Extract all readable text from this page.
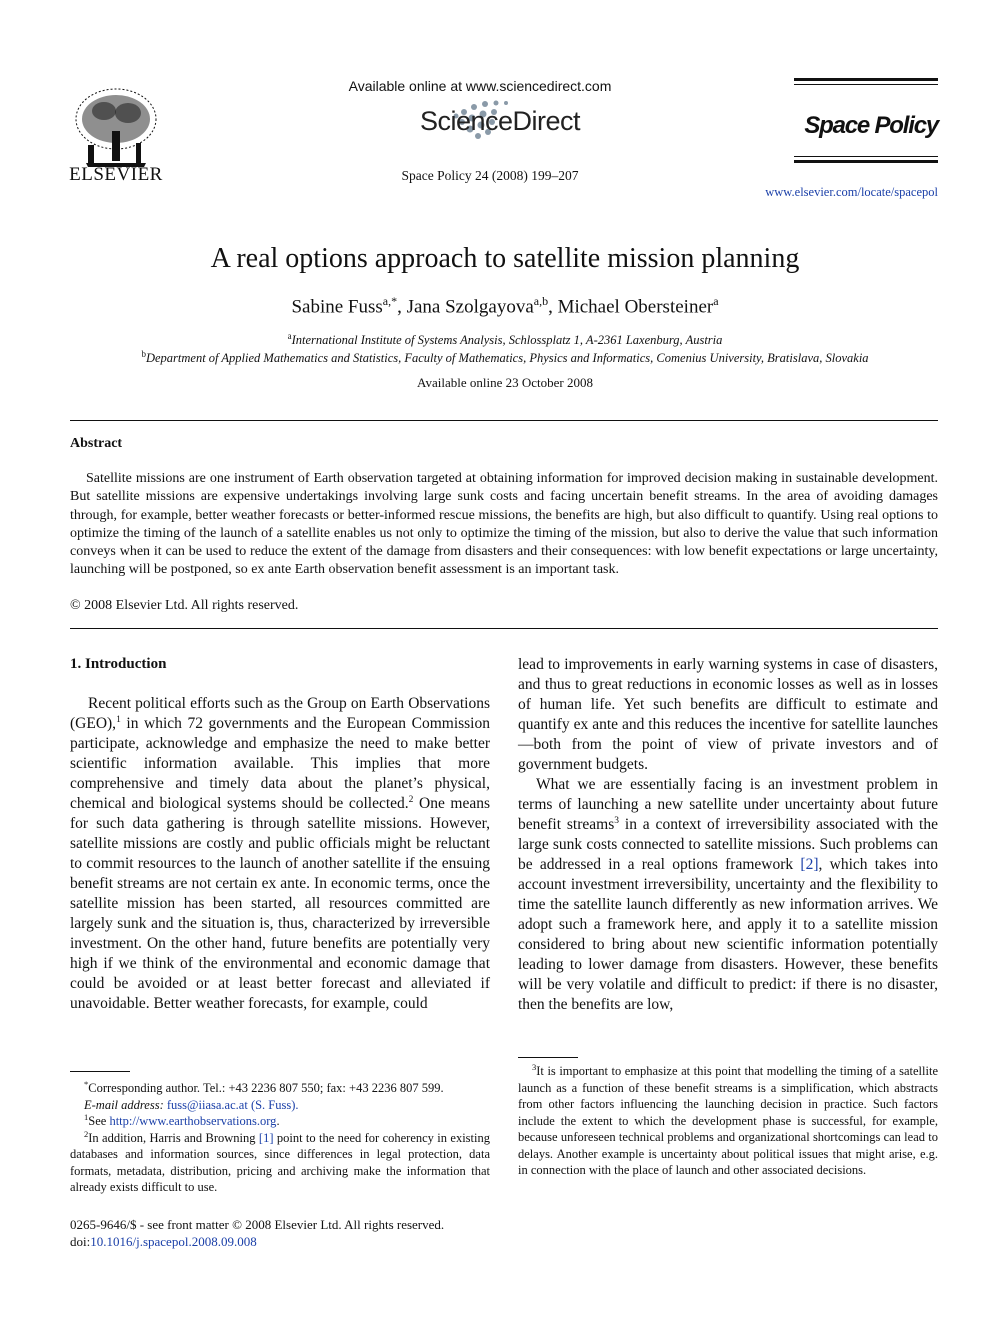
ELSEVIER
Available online at www.sciencedirect.com
ScienceDirect
Space Policy 24 (2008) 199–207
Space Policy
www.elsevier.com/locate/spacepol
A real options approach to satellite mission planning
Sabine Fuss$^{a,*}$, Jana Szolgayova$^{a,b}$, Michael Obersteiner$^a$
$^a$International Institute of Systems Analysis, Schlossplatz 1, A-2361 Laxenburg, Austria
$^b$Department of Applied Mathematics and Statistics, Faculty of Mathematics, Physics and Informatics, Comenius University, Bratislava, Slovakia
Available online 23 October 2008
Abstract
Satellite missions are one instrument of Earth observation targeted at obtaining information for improved decision making in sustainable development. But satellite missions are expensive undertakings involving large sunk costs and facing uncertain benefit streams. In the area of avoiding damages through, for example, better weather forecasts or better-informed rescue missions, the benefits are high, but also difficult to quantify. Using real options to optimize the timing of the launch of a satellite enables us not only to optimize the timing of the mission, but also to derive the value that such information conveys when it can be used to reduce the extent of the damage from disasters and their consequences: with low benefit expectations or large uncertainty, launching will be postponed, so ex ante Earth observation benefit assessment is an important task.
© 2008 Elsevier Ltd. All rights reserved.
1. Introduction

Recent political efforts such as the Group on Earth Observations (GEO),$^1$ in which 72 governments and the European Commission participate, acknowledge and emphasize the need to make better scientific information available. This implies that more comprehensive and timely data about the planet’s physical, chemical and biological systems should be collected.$^2$ One means for such data gathering is through satellite missions. However, satellite missions are costly and public officials might be reluctant to commit resources to the launch of another satellite if the ensuing benefit streams are not certain ex ante. In economic terms, once the satellite mission has been started, all resources committed are largely sunk and the situation is, thus, characterized by irreversible investment. On the other hand, future benefits are potentially very high if we think of the environmental and economic damage that could be avoided or at least better forecast and alleviated if unavoidable. Better weather forecasts, for example, could

lead to improvements in early warning systems in case of disasters, and thus to great reductions in economic losses as well as in losses of human life. Yet such benefits are difficult to estimate and quantify ex ante and this reduces the incentive for satellite launches—both from the point of view of private investors and of government budgets.

What we are essentially facing is an investment problem in terms of launching a new satellite under uncertainty about future benefit streams$^3$ in a context of irreversibility associated with the large sunk costs connected to satellite missions. Such problems can be addressed in a real options framework [2], which takes into account investment irreversibility, uncertainty and the flexibility to time the satellite launch differently as new information arrives. We adopt such a framework here, and apply it to a satellite mission considered to bring about new scientific information potentially leading to lower damage from disasters. However, these benefits will be very volatile and difficult to predict: if there is no disaster, then the benefits are low,

*Corresponding author. Tel.: +43 2236 807 550; fax: +43 2236 807 599.

E-mail address: fuss@iiasa.ac.at (S. Fuss).

$^1$See http://www.earthobservations.org.

$^2$In addition, Harris and Browning [1] point to the need for coherency in existing databases and information sources, since differences in legal protection, data formats, metadata, distribution, pricing and archiving make the information that already exists difficult to use.

$^3$It is important to emphasize at this point that modelling the timing of a satellite launch as a function of these benefit streams is a simplification, which abstracts from other factors influencing the launching decision in practice. Such factors include the extent to which the development phase is successful, for example, because unforeseen technical problems and organizational shortcomings can lead to delays. Another example is uncertainty about political issues that might arise, e.g. in connection with the place of launch and other associated decisions.

0265-9646/$ - see front matter © 2008 Elsevier Ltd. All rights reserved.
doi:10.1016/j.spacepol.2008.09.008
